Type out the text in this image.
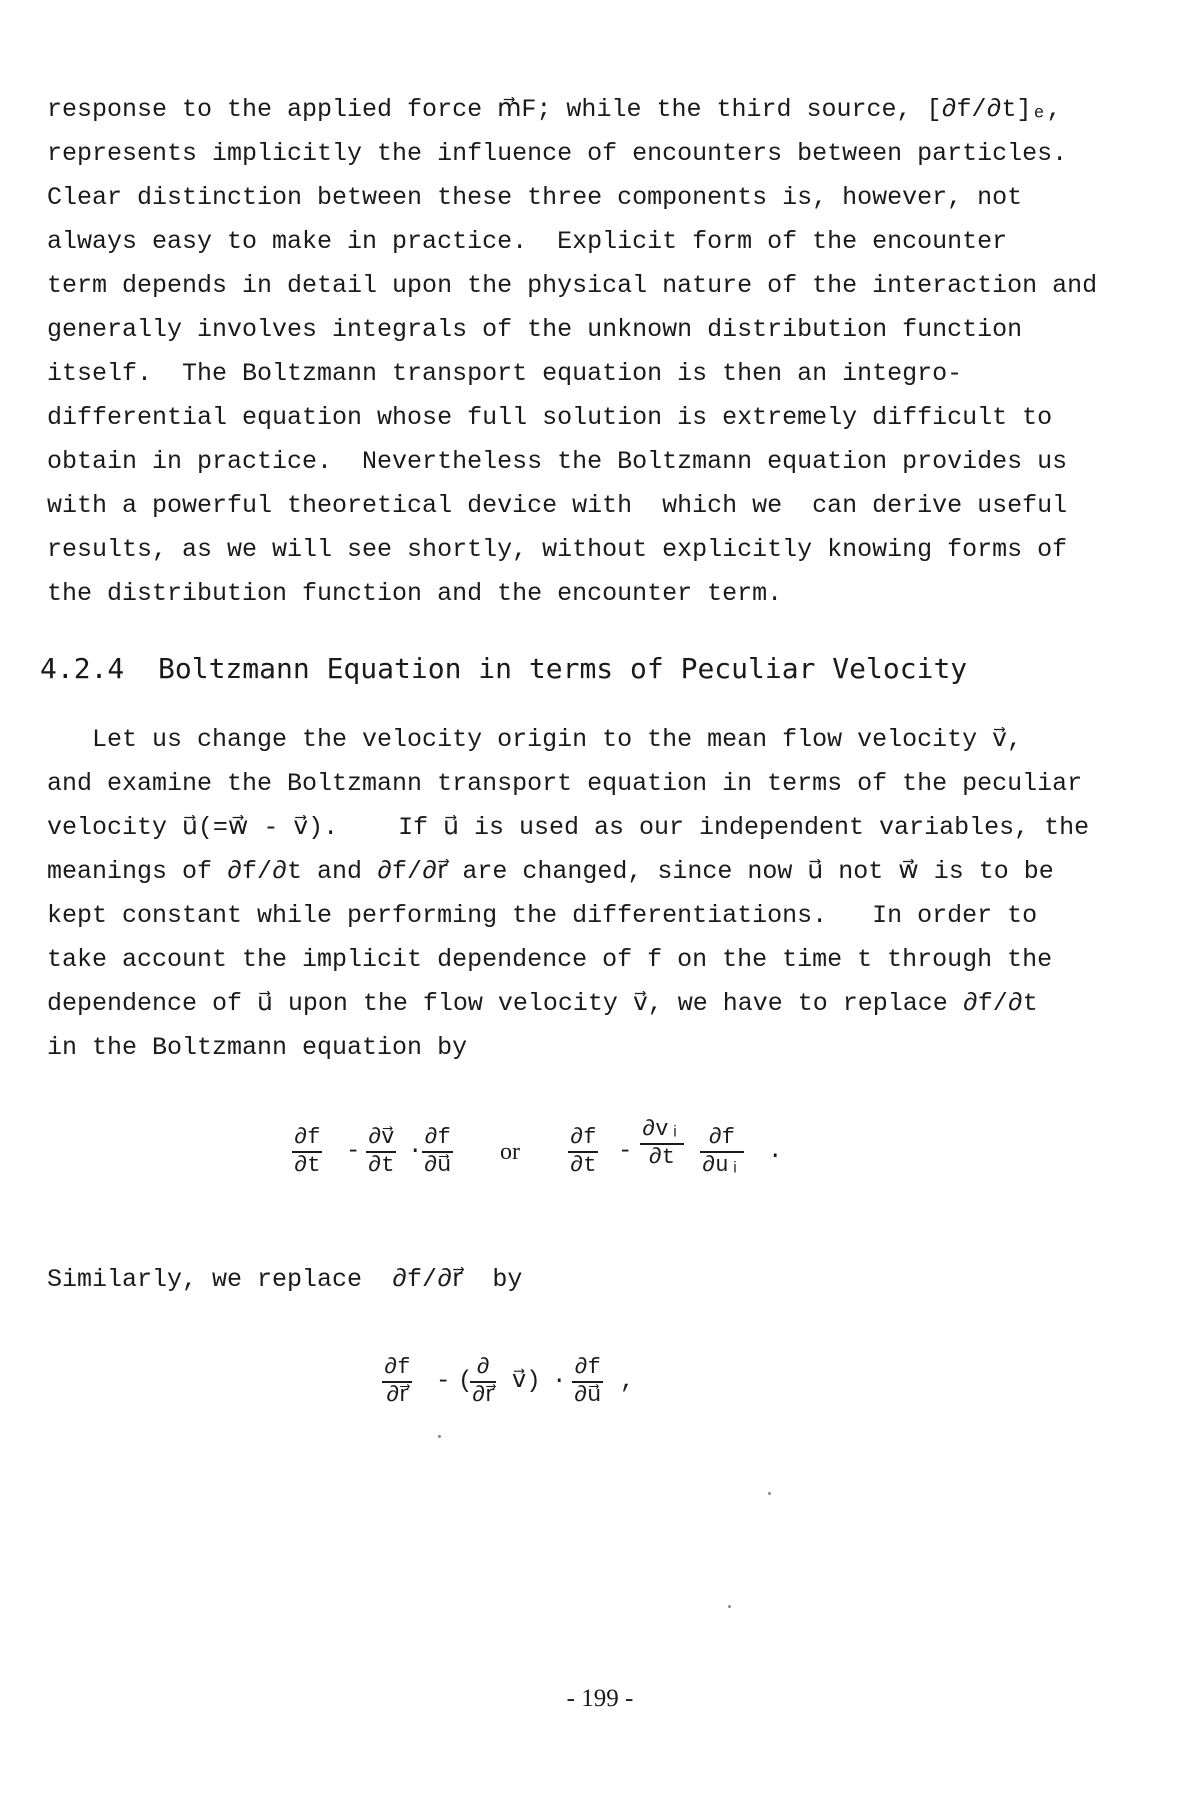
response to the applied force m⃗F; while the third source, [∂f/∂t]ₑ,
represents implicitly the influence of encounters between particles.
Clear distinction between these three components is, however, not
always easy to make in practice.  Explicit form of the encounter
term depends in detail upon the physical nature of the interaction and
generally involves integrals of the unknown distribution function
itself.  The Boltzmann transport equation is then an integro-
differential equation whose full solution is extremely difficult to
obtain in practice.  Nevertheless the Boltzmann equation provides us
with a powerful theoretical device with  which we  can derive useful
results, as we will see shortly, without explicitly knowing forms of
the distribution function and the encounter term.
4.2.4  Boltzmann Equation in terms of Peculiar Velocity
Let us change the velocity origin to the mean flow velocity v⃗,
and examine the Boltzmann transport equation in terms of the peculiar
velocity u⃗(=w⃗ - v⃗).    If u⃗ is used as our independent variables, the
meanings of ∂f/∂t and ∂f/∂r⃗ are changed, since now u⃗ not w⃗ is to be
kept constant while performing the differentiations.   In order to
take account the implicit dependence of f on the time t through the
dependence of u⃗ upon the flow velocity v⃗, we have to replace ∂f/∂t
in the Boltzmann equation by
$\frac{\partial f}{\partial t} - \frac{\partial v⃗}{\partial t} \cdot \frac{\partial f}{\partial u⃗}$ or $\frac{\partial f}{\partial t} - \frac{\text{∂vᵢ}}{\partial t} \frac{\partial f}{\text{∂uᵢ}}$ .
Similarly, we replace  ∂f/∂r⃗  by
$\frac{\partial f}{\partial r⃗}$ - (
∂
∂r⃗
v⃗) · $\frac{\partial f}{\partial u⃗}$ ,
- 199 -
